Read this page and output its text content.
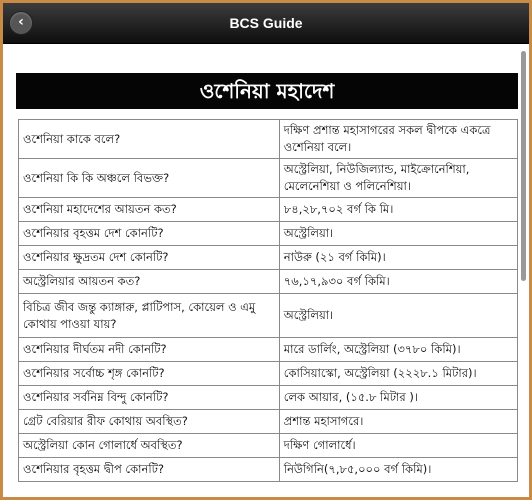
‹	BCS Guide
ওশেনিয়া মহাদেশ
ওশেনিয়া কাকে বলে?	দক্ষিণ প্রশান্ত মহাসাগরের সকল দ্বীপকে একত্রে ওশেনিয়া বলে।
ওশেনিয়া কি কি অঞ্চলে বিভক্ত?	অস্ট্রেলিয়া, নিউজিল্যান্ড, মাইক্রোনেশিয়া, মেলেনেশিয়া ও পলিনেশিয়া।
ওশেনিয়া মহাদেশের আয়তন কত?	৮৪,২৮,৭০২ বর্গ কি মি।
ওশেনিয়ার বৃহত্তম দেশ কোনটি?	অস্ট্রেলিয়া।
ওশেনিয়ার ক্ষুদ্রতম দেশ কোনটি?	নাউরু (২১ বর্গ কিমি)।
অস্ট্রেলিয়ার আয়তন কত?	৭৬,১৭,৯৩০ বর্গ কিমি।
বিচিত্র জীব জন্তু ক্যাঙ্গারু, প্লাটিপাস, কোয়েল ও এমু কোথায় পাওয়া যায়?	অস্ট্রেলিয়া।
ওশেনিয়ার দীর্ঘতম নদী কোনটি?	মারে ডার্লিং, অস্ট্রেলিয়া (৩৭৮০ কিমি)।
ওশেনিয়ার সর্বোচ্চ শৃঙ্গ কোনটি?	কোসিয়াস্কো, অস্ট্রেলিয়া (২২২৮.১ মিটার)।
ওশেনিয়ার সর্বনিম্ন বিন্দু কোনটি?	লেক আয়ার, (১৫.৮ মিটার )।
গ্রেট বেরিয়ার রীফ কোথায় অবস্থিত?	প্রশান্ত মহাসাগরে।
অস্ট্রেলিয়া কোন গোলার্ধে অবস্থিত?	দক্ষিণ গোলার্ধে।
ওশেনিয়ার বৃহত্তম দ্বীপ কোনটি?	নিউগিনি(৭,৮৫,০০০ বর্গ কিমি)।
